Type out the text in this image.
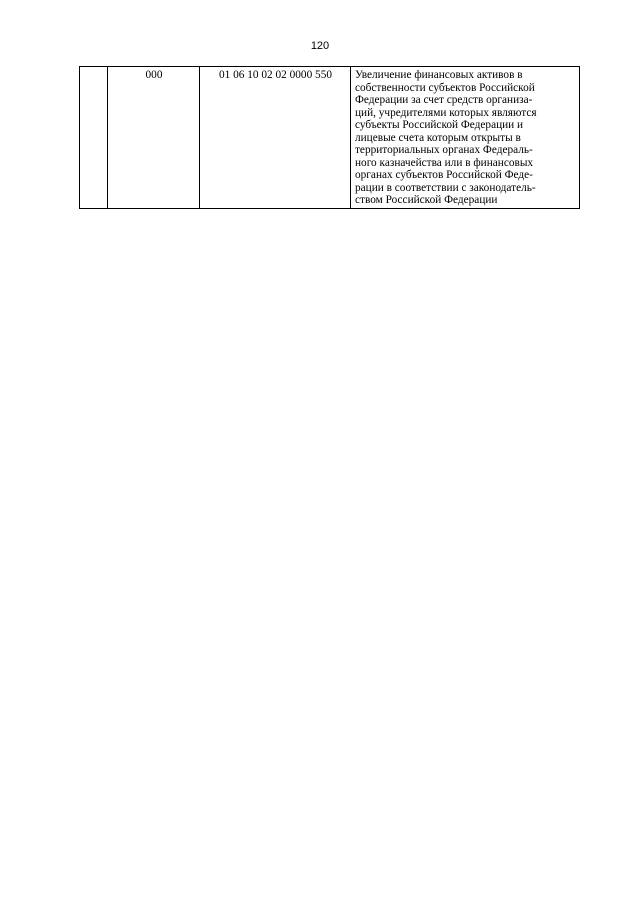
120
	000	01 06 10 02 02 0000 550	Увеличение финансовых активов в
собственности субъектов Российской
Федерации за счет средств организа-
ций, учредителями которых являются
субъекты Российской Федерации и
лицевые счета которым открыты в
территориальных органах Федераль-
ного казначейства или в финансовых
органах субъектов Российской Феде-
рации в соответствии с законодатель-
ством Российской Федерации
